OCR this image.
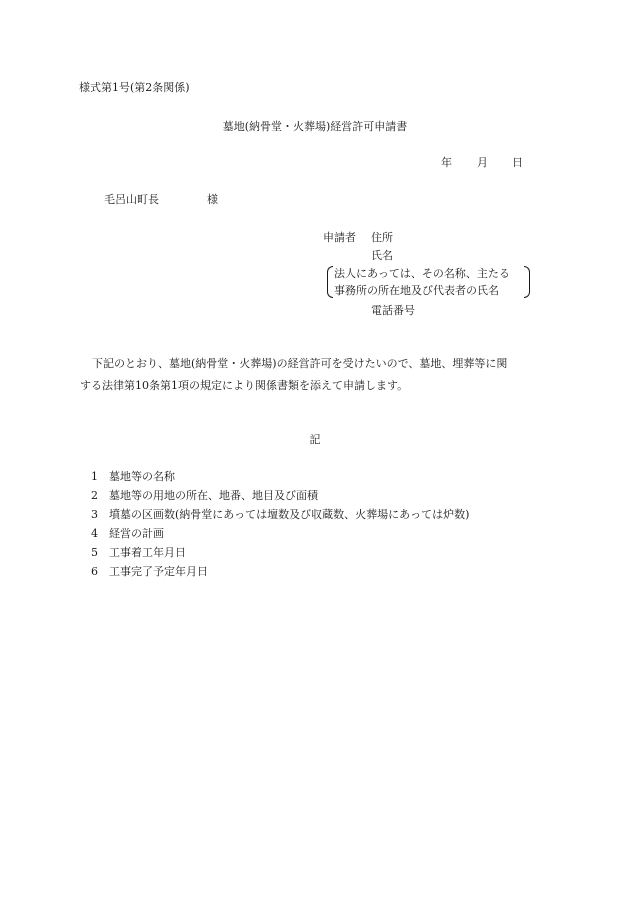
様式第1号(第2条関係)
墓地(納骨堂・火葬場)経営許可申請書
年 月 日
毛呂山町長	様
申請者 住所
氏名
法人にあっては、その名称、主たる
事務所の所在地及び代表者の氏名
電話番号
下記のとおり、墓地(納骨堂・火葬場)の経営許可を受けたいので、墓地、埋葬等に関
する法律第10条第1項の規定により関係書類を添えて申請します。
記
1 墓地等の名称
2 墓地等の用地の所在、地番、地目及び面積
3 墳墓の区画数(納骨堂にあっては壇数及び収蔵数、火葬場にあっては炉数)
4 経営の計画
5 工事着工年月日
6 工事完了予定年月日
